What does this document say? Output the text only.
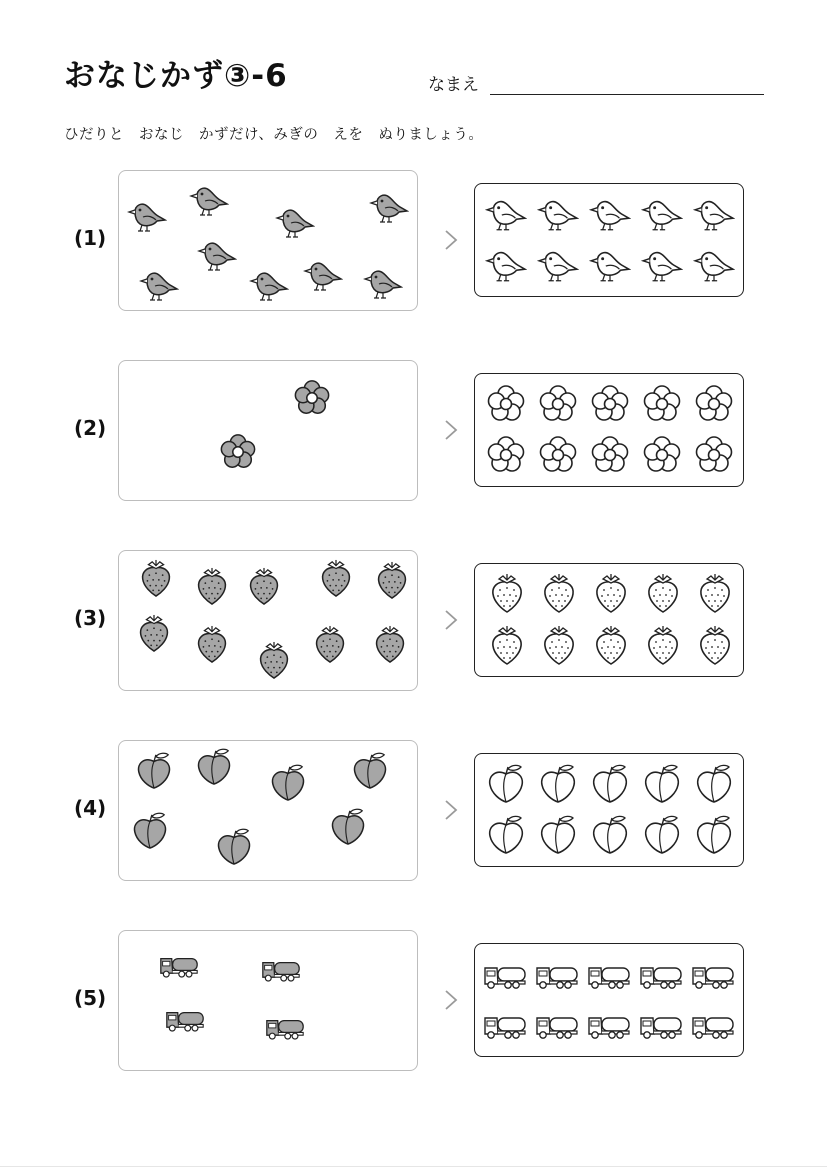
おなじかず③-6	なまえ
ひだりと　おなじ　かずだけ、みぎの　えを　ぬりましょう。
(1)
(2)
(3)
(4)
(5)
